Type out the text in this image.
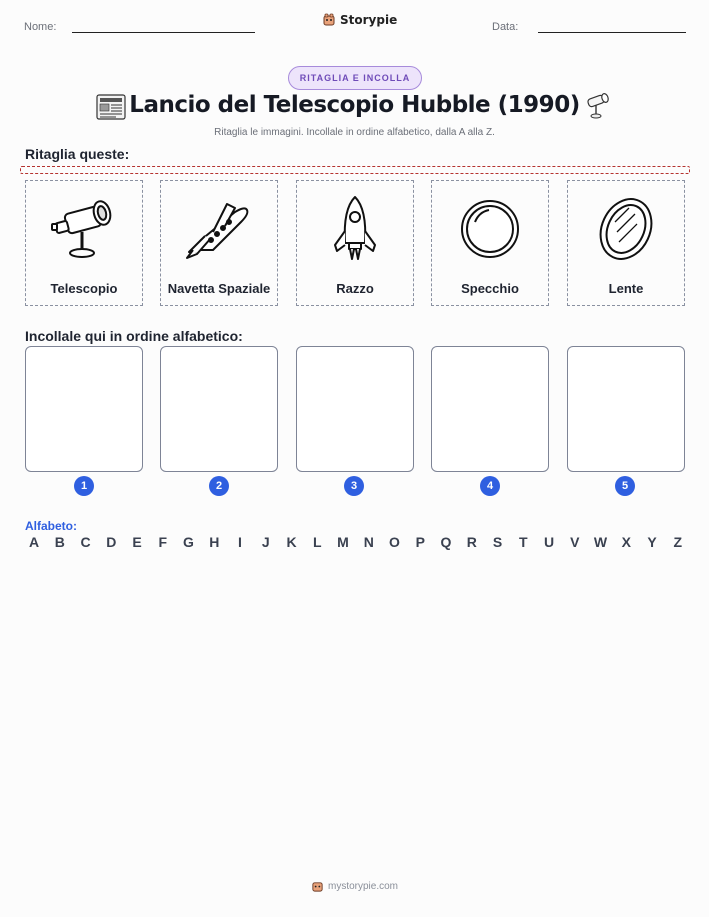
Nome:	Storypie	Data:
RITAGLIA E INCOLLA
Lancio del Telescopio Hubble (1990)
Ritaglia le immagini. Incollale in ordine alfabetico, dalla A alla Z.
Ritaglia queste:
Telescopio	Navetta Spaziale	Razzo	Specchio	Lente
Incollale qui in ordine alfabetico:
1	2	3	4	5
Alfabeto:
A B C D E F G H	I	J K L M N O P Q R S T U V W X Y Z
mystorypie.com
